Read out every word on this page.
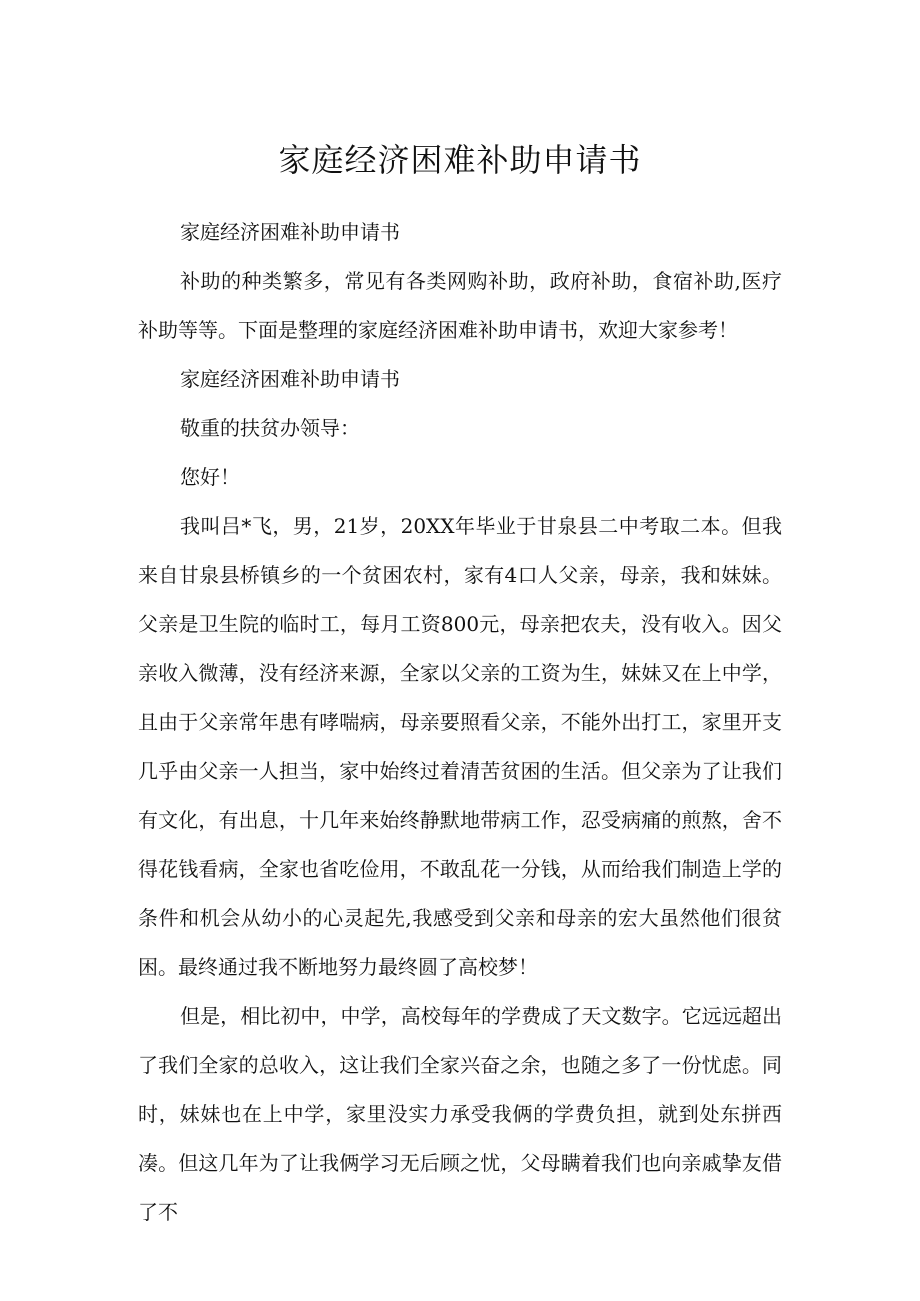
家庭经济困难补助申请书

家庭经济困难补助申请书

补助的种类繁多，常见有各类网购补助，政府补助，食宿补助,医疗补助等等。下面是整理的家庭经济困难补助申请书，欢迎大家参考！

家庭经济困难补助申请书

敬重的扶贫办领导：

您好！

我叫吕*飞，男，21岁，20XX年毕业于甘泉县二中考取二本。但我来自甘泉县桥镇乡的一个贫困农村，家有4口人父亲，母亲，我和妹妹。父亲是卫生院的临时工，每月工资800元，母亲把农夫，没有收入。因父亲收入微薄，没有经济来源，全家以父亲的工资为生，妹妹又在上中学，且由于父亲常年患有哮喘病，母亲要照看父亲，不能外出打工，家里开支几乎由父亲一人担当，家中始终过着清苦贫困的生活。但父亲为了让我们有文化，有出息，十几年来始终静默地带病工作，忍受病痛的煎熬，舍不得花钱看病，全家也省吃俭用，不敢乱花一分钱，从而给我们制造上学的条件和机会从幼小的心灵起先,我感受到父亲和母亲的宏大虽然他们很贫困。最终通过我不断地努力最终圆了高校梦！

但是，相比初中，中学，高校每年的学费成了天文数字。它远远超出了我们全家的总收入，这让我们全家兴奋之余，也随之多了一份忧虑。同时，妹妹也在上中学，家里没实力承受我俩的学费负担，就到处东拼西凑。但这几年为了让我俩学习无后顾之忧，父母瞒着我们也向亲戚挚友借了不
